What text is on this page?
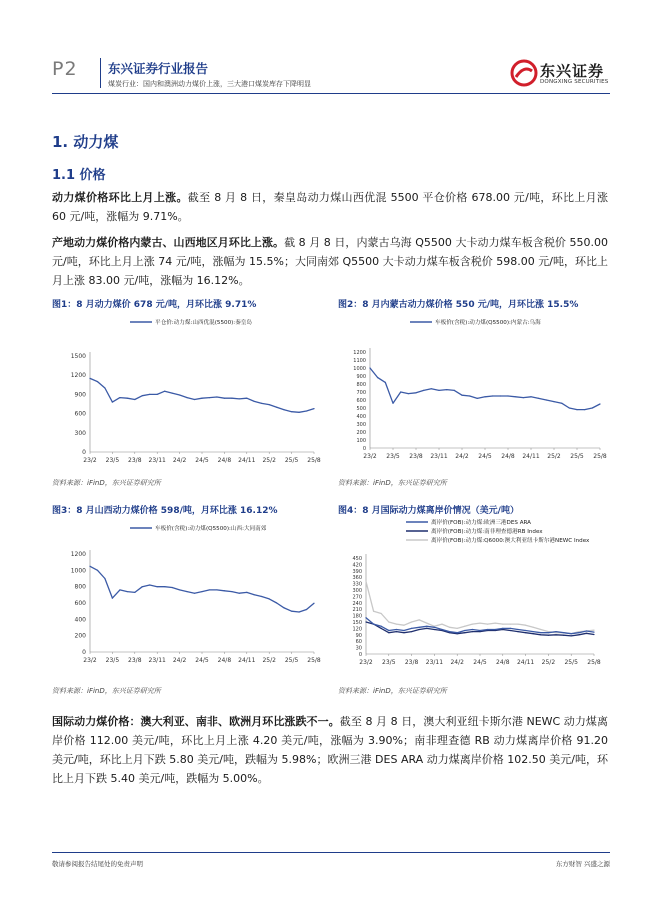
P2 东兴证券行业报告
煤炭行业：国内和澳洲动力煤价上涨，三大港口煤炭库存下降明显
东兴证券
DONGXING SECURITIES
1. 动力煤
1.1 价格
动力煤价格环比上月上涨。截至 8 月 8 日，秦皇岛动力煤山西优混 5500 平仓价格 678.00 元/吨，环比上月涨 60 元/吨，涨幅为 9.71%。
产地动力煤价格内蒙古、山西地区月环比上涨。截 8 月 8 日，内蒙古乌海 Q5500 大卡动力煤车板含税价 550.00 元/吨，环比上月上涨 74 元/吨，涨幅为 15.5%；大同南郊 Q5500 大卡动力煤车板含税价 598.00 元/吨，环比上月上涨 83.00 元/吨，涨幅为 16.12%。
图1：8 月动力煤价 678 元/吨，月环比涨 9.71%
0
300
600
900
1200
1500
23/2 23/5 23/8 23/11 24/2 24/5 24/8 24/11 25/2 25/5 25/8
平仓价:动力煤:山西优混(5500):秦皇岛
资料来源：iFinD，东兴证券研究所
图2：8 月内蒙古动力煤价格 550 元/吨，月环比涨 15.5%
0
100
200
300
400
500
600
700
800
900
1000
1100
1200
23/2 23/5 23/8 23/11 24/2 24/5 24/8 24/11 25/2 25/5 25/8
车板价(含税):动力煤(Q5500):内蒙古:乌海
资料来源：iFinD，东兴证券研究所
图3：8 月山西动力煤价格 598/吨，月环比涨 16.12%
0
200
400
600
800
1000
1200
23/2 23/5 23/8 23/11 24/2 24/5 24/8 24/11 25/2 25/5 25/8
车板价(含税):动力煤(Q5500):山西:大同南郊
资料来源：iFinD，东兴证券研究所
图4：8 月国际动力煤离岸价情况（美元/吨）
0
30
60
90
120
150
180
210
240
270
300
330
360
390
420
450
23/2 23/5 23/8 23/11 24/2 24/5 24/8 24/11 25/2 25/5 25/8
离岸价(FOB):动力煤:欧洲三港DES ARA
离岸价(FOB):动力煤:南非理查德港RB Index
离岸价(FOB):动力煤:Q6000:澳大利亚纽卡斯尔港NEWC Index
资料来源：iFinD，东兴证券研究所
国际动力煤价格：澳大利亚、南非、欧洲月环比涨跌不一。截至 8 月 8 日，澳大利亚纽卡斯尔港 NEWC 动力煤离岸价格 112.00 美元/吨，环比上月上涨 4.20 美元/吨，涨幅为 3.90%；南非理查德 RB 动力煤离岸价格 91.20 美元/吨，环比上月下跌 5.80 美元/吨，跌幅为 5.98%；欧洲三港 DES ARA 动力煤离岸价格 102.50 美元/吨，环比上月下跌 5.40 美元/吨，跌幅为 5.00%。
敬请参阅报告结尾处的免责声明	东方财智 兴盛之源
